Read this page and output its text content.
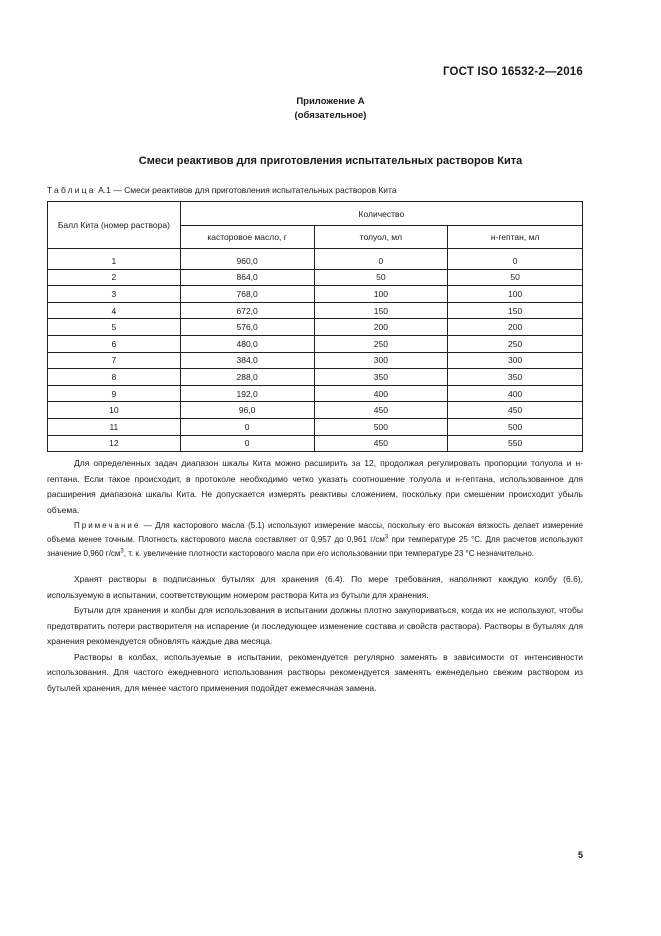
ГОСТ ISO 16532-2—2016
Приложение А
(обязательное)
Смеси реактивов для приготовления испытательных растворов Кита
Таблица А.1 — Смеси реактивов для приготовления испытательных растворов Кита
Балл Кита (номер раствора)	Количество		
	касторовое масло, г	толуол, мл	н-гептан, мл
1	960,0	0	0
2	864,0	50	50
3	768,0	100	100
4	672,0	150	150
5	576,0	200	200
6	480,0	250	250
7	384,0	300	300
8	288,0	350	350
9	192,0	400	400
10	96,0	450	450
11	0	500	500
12	0	450	550

Для определенных задач диапазон шкалы Кита можно расширить за 12, продолжая регулировать пропорции толуола и н-гептана. Если такое происходит, в протоколе необходимо четко указать соотношение толуола и н-гептана, использованное для расширения диапазона шкалы Кита. Не допускается измерять реактивы сложением, поскольку при смешении происходит убыль объема.

Примечание — Для касторового масла (5.1) используют измерение массы, поскольку его высокая вязкость делает измерение объема менее точным. Плотность касторового масла составляет от 0,957 до 0,961 $г/см^3$ при температуре 25 °С. Для расчетов используют значение 0,960 $г/см^3$, т. к. увеличение плотности касторового масла при его использовании при температуре 23 °С незначительно.

Хранят растворы в подписанных бутылях для хранения (6.4). По мере требования, наполняют каждую колбу (6.6), используемую в испытании, соответствующим номером раствора Кита из бутыли для хранения.

Бутыли для хранения и колбы для использования в испытании должны плотно закупориваться, когда их не используют, чтобы предотвратить потери растворителя на испарение (и последующее изменение состава и свойств раствора). Растворы в бутылях для хранения рекомендуется обновлять каждые два месяца.

Растворы в колбах, используемые в испытании, рекомендуется регулярно заменять в зависимости от интенсивности использования. Для частого ежедневного использования растворы рекомендуется заменять еженедельно свежим раствором из бутылей хранения, для менее частого применения подойдет ежемесячная замена.

5
